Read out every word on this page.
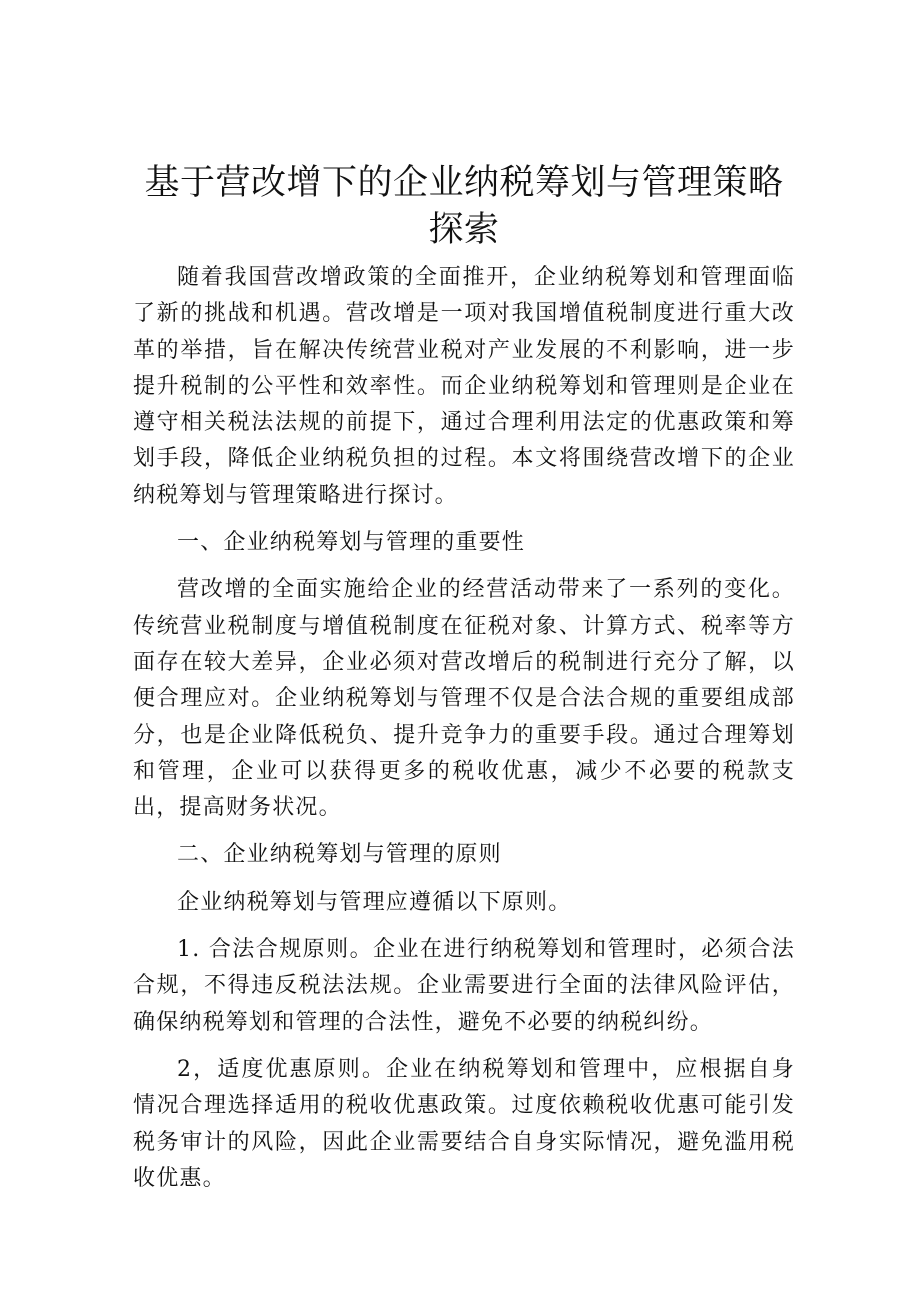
基于营改增下的企业纳税筹划与管理策略探索

随着我国营改增政策的全面推开，企业纳税筹划和管理面临了新的挑战和机遇。营改增是一项对我国增值税制度进行重大改革的举措，旨在解决传统营业税对产业发展的不利影响，进一步提升税制的公平性和效率性。而企业纳税筹划和管理则是企业在遵守相关税法法规的前提下，通过合理利用法定的优惠政策和筹划手段，降低企业纳税负担的过程。本文将围绕营改增下的企业纳税筹划与管理策略进行探讨。

一、企业纳税筹划与管理的重要性

营改增的全面实施给企业的经营活动带来了一系列的变化。传统营业税制度与增值税制度在征税对象、计算方式、税率等方面存在较大差异，企业必须对营改增后的税制进行充分了解，以便合理应对。企业纳税筹划与管理不仅是合法合规的重要组成部分，也是企业降低税负、提升竞争力的重要手段。通过合理筹划和管理，企业可以获得更多的税收优惠，减少不必要的税款支出，提高财务状况。

二、企业纳税筹划与管理的原则

企业纳税筹划与管理应遵循以下原则。

1. 合法合规原则。企业在进行纳税筹划和管理时，必须合法合规，不得违反税法法规。企业需要进行全面的法律风险评估，确保纳税筹划和管理的合法性，避免不必要的纳税纠纷。

2，适度优惠原则。企业在纳税筹划和管理中，应根据自身情况合理选择适用的税收优惠政策。过度依赖税收优惠可能引发税务审计的风险，因此企业需要结合自身实际情况，避免滥用税收优惠。
